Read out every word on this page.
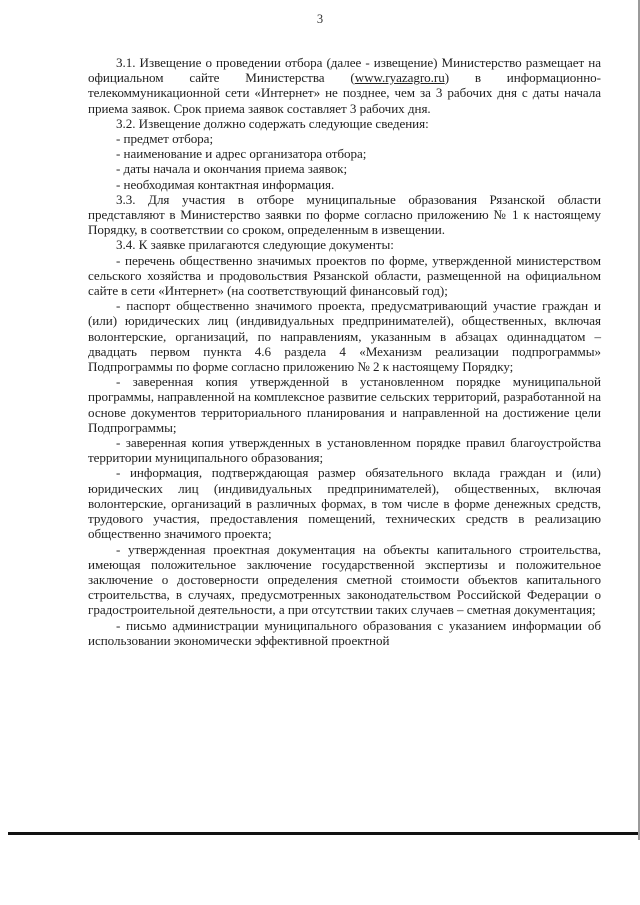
3

3.1. Извещение о проведении отбора (далее - извещение) Министерство размещает на официальном сайте Министерства (www.ryazagro.ru) в информационно-телекоммуникационной сети «Интернет» не позднее, чем за 3 рабочих дня с даты начала приема заявок. Срок приема заявок составляет 3 рабочих дня.

3.2. Извещение должно содержать следующие сведения:

- предмет отбора;

- наименование и адрес организатора отбора;

- даты начала и окончания приема заявок;

- необходимая контактная информация.

3.3. Для участия в отборе муниципальные образования Рязанской области представляют в Министерство заявки по форме согласно приложению № 1 к настоящему Порядку, в соответствии со сроком, определенным в извещении.

3.4. К заявке прилагаются следующие документы:

- перечень общественно значимых проектов по форме, утвержденной министерством сельского хозяйства и продовольствия Рязанской области, размещенной на официальном сайте в сети «Интернет» (на соответствующий финансовый год);

- паспорт общественно значимого проекта, предусматривающий участие граждан и (или) юридических лиц (индивидуальных предпринимателей), общественных, включая волонтерские, организаций, по направлениям, указанным в абзацах одиннадцатом – двадцать первом пункта 4.6 раздела 4 «Механизм реализации подпрограммы» Подпрограммы по форме согласно приложению № 2 к настоящему Порядку;

- заверенная копия утвержденной в установленном порядке муниципальной программы, направленной на комплексное развитие сельских территорий, разработанной на основе документов территориального планирования и направленной на достижение цели Подпрограммы;

- заверенная копия утвержденных в установленном порядке правил благоустройства территории муниципального образования;

- информация, подтверждающая размер обязательного вклада граждан и (или) юридических лиц (индивидуальных предпринимателей), общественных, включая волонтерские, организаций в различных формах, в том числе в форме денежных средств, трудового участия, предоставления помещений, технических средств в реализацию общественно значимого проекта;

- утвержденная проектная документация на объекты капитального строительства, имеющая положительное заключение государственной экспертизы и положительное заключение о достоверности определения сметной стоимости объектов капитального строительства, в случаях, предусмотренных законодательством Российской Федерации о градостроительной деятельности, а при отсутствии таких случаев – сметная документация;

- письмо администрации муниципального образования с указанием информации об использовании экономически эффективной проектной
